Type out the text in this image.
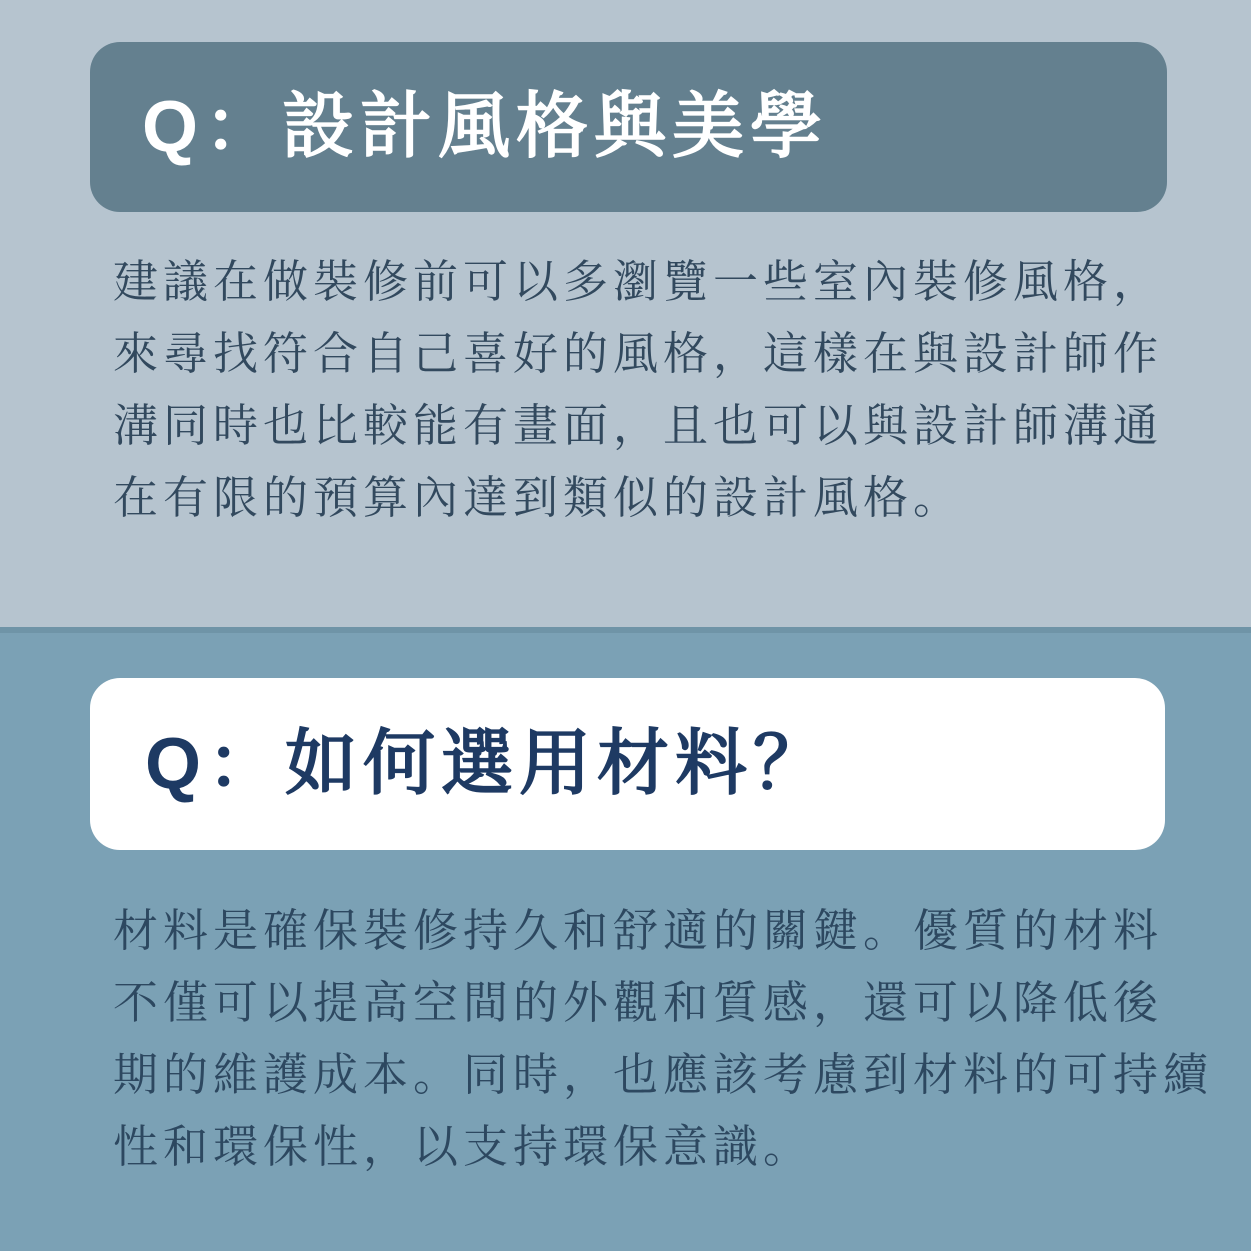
Q：設計風格與美學
建議在做裝修前可以多瀏覽一些室內裝修風格，
來尋找符合自己喜好的風格，這樣在與設計師作
溝同時也比較能有畫面，且也可以與設計師溝通
在有限的預算內達到類似的設計風格。
Q：如何選用材料？
材料是確保裝修持久和舒適的關鍵。優質的材料
不僅可以提高空間的外觀和質感，還可以降低後
期的維護成本。同時，也應該考慮到材料的可持續
性和環保性，以支持環保意識。
